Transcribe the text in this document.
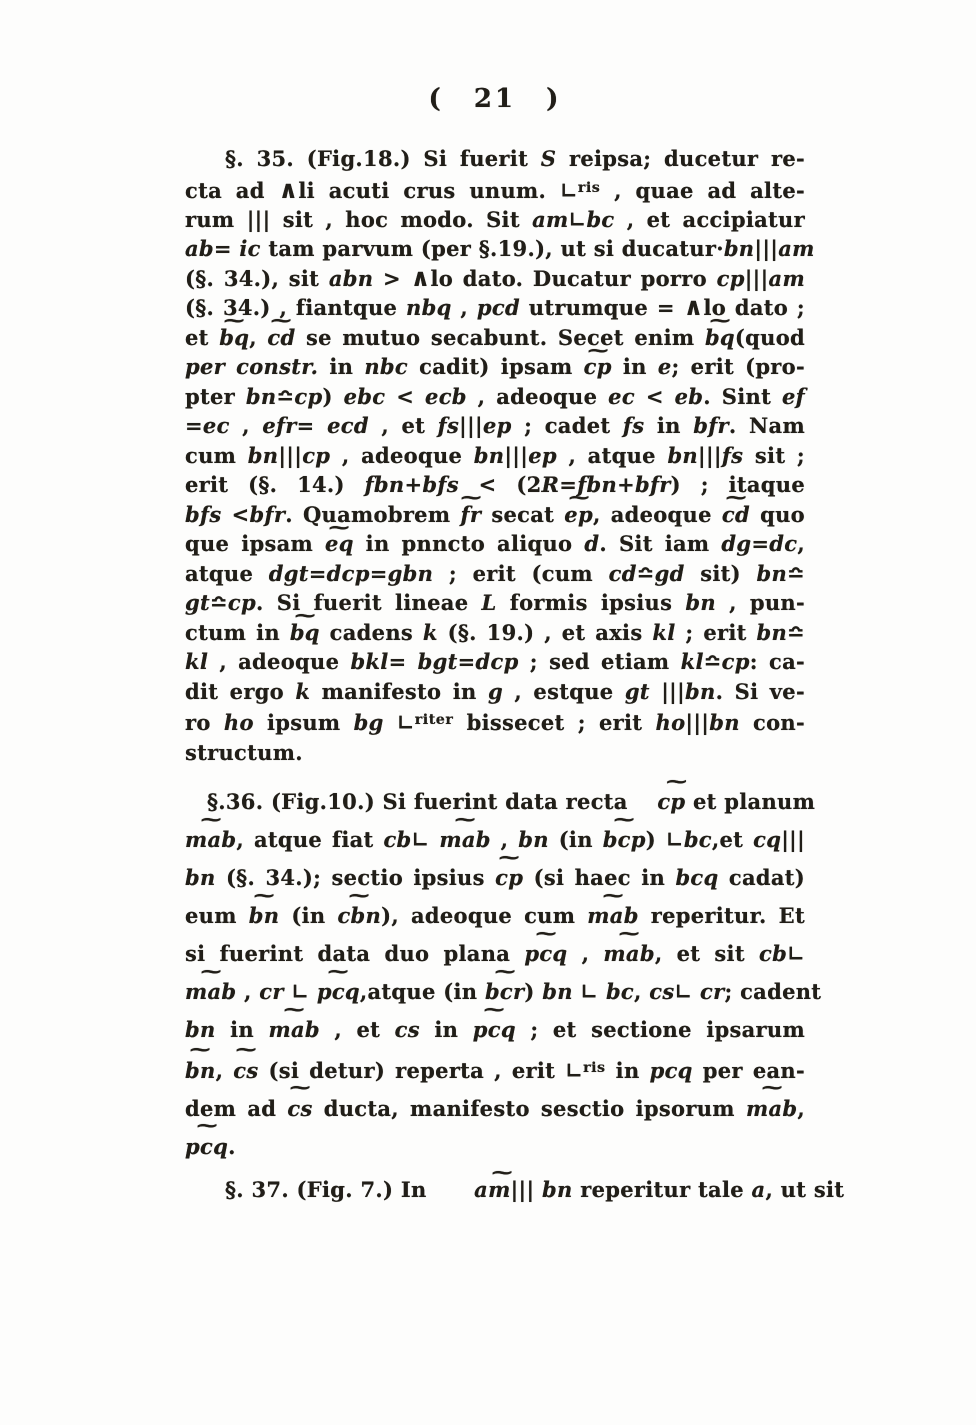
( 21 )
§. 35. (Fig.18.) Si fuerit S reipsa; ducetur re-
cta ad ∧li acuti crus unum. ∟$^{ris}$ , quae ad alte-
rum ||| sit , hoc modo. Sit am∟bc , et accipiatur
ab= ic tam parvum (per §.19.), ut si ducatur·bn|||am
(§. 34.), sit abn > ∧lo dato. Ducatur porro cp|||am
(§. 34.) , fiantque nbq , pcd utrumque = ∧lo dato ;
et bq ~, cd ~ se mutuo secabunt. Secet enim bq ~(quod
per constr. in nbc cadit) ipsam cp ~ in e; erit (pro-
pter bn≏cp) ebc < ecb , adeoque ec < eb. Sint ef
=ec , efr= ecd , et fs|||ep ; cadet fs in bfr. Nam
cum bn|||cp , adeoque bn|||ep , atque bn|||fs sit ;
erit (§. 14.) fbn+bfs < (2R=fbn+bfr) ; itaque
bfs <bfr. Quamobrem fr ~ secat ep ~, adeoque cd ~ quo
que ipsam eq ~ in pnncto aliquo d. Sit iam dg=dc,
atque dgt=dcp=gbn ; erit (cum cd≏gd sit) bn≏
gt≏cp. Si fuerit lineae L formis ipsius bn , pun-
ctum in bq ~ cadens k (§. 19.) , et axis kl ; erit bn≏
kl , adeoque bkl= bgt=dcp ; sed etiam kl≏cp: ca-
dit ergo k manifesto in g , estque gt |||bn. Si ve-
ro ho ipsum bg ∟$^{riter}$ bissecet ; erit ho|||bn con-
structum.
§.36. (Fig.10.) Si fuerint data recta cp ~ et planum
mab ~, atque fiat cb∟ mab ~ , bn (in bcp ~) ∟bc,et cq|||
bn (§. 34.); sectio ipsius cp ~ (si haec in bcq cadat)
eum bn ~ (in cbn ~), adeoque cum mab ~ reperitur. Et
si fuerint data duo plana pcq ~ , mab ~, et sit cb∟
mab ~ , cr ∟ pcq ~,atque (in bcr ~) bn ∟ bc, cs∟ cr; cadent
bn in mab ~ , et cs in pcq ~ ; et sectione ipsarum
bn ~, cs ~ (si detur) reperta , erit ∟$^{ris}$ in pcq per ean-
dem ad cs ~ ducta, manifesto sesctio ipsorum mab ~,
pcq ~.
§. 37. (Fig. 7.) In am ~||| bn reperitur tale a, ut sit
